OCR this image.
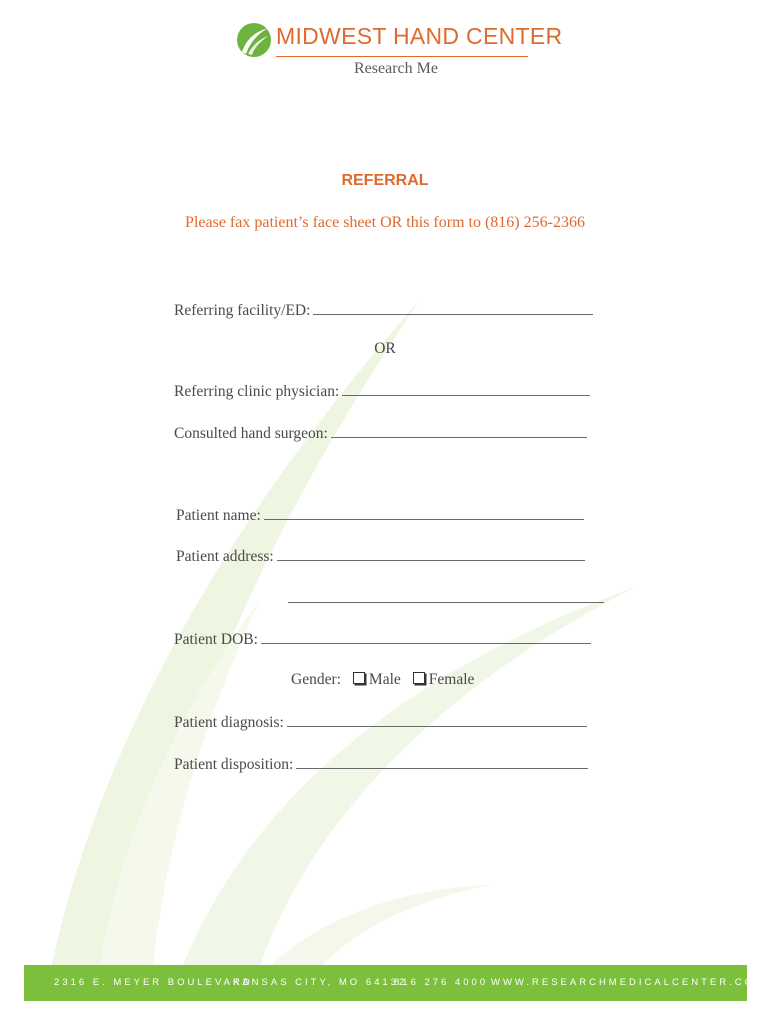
MIDWEST HAND CENTER
Research Me
REFERRAL
Please fax patient’s face sheet OR this form to (816) 256-2366
Referring facility/ED:
OR
Referring clinic physician:
Consulted hand surgeon:
Patient name:
Patient address:
Patient DOB:
Gender: Male Female
Patient diagnosis:
Patient disposition:
2316 E. MEYER BOULEVARD
KANSAS CITY, MO 64132
816 276 4000 WWW.RESEARCHMEDICALCENTER.COM
